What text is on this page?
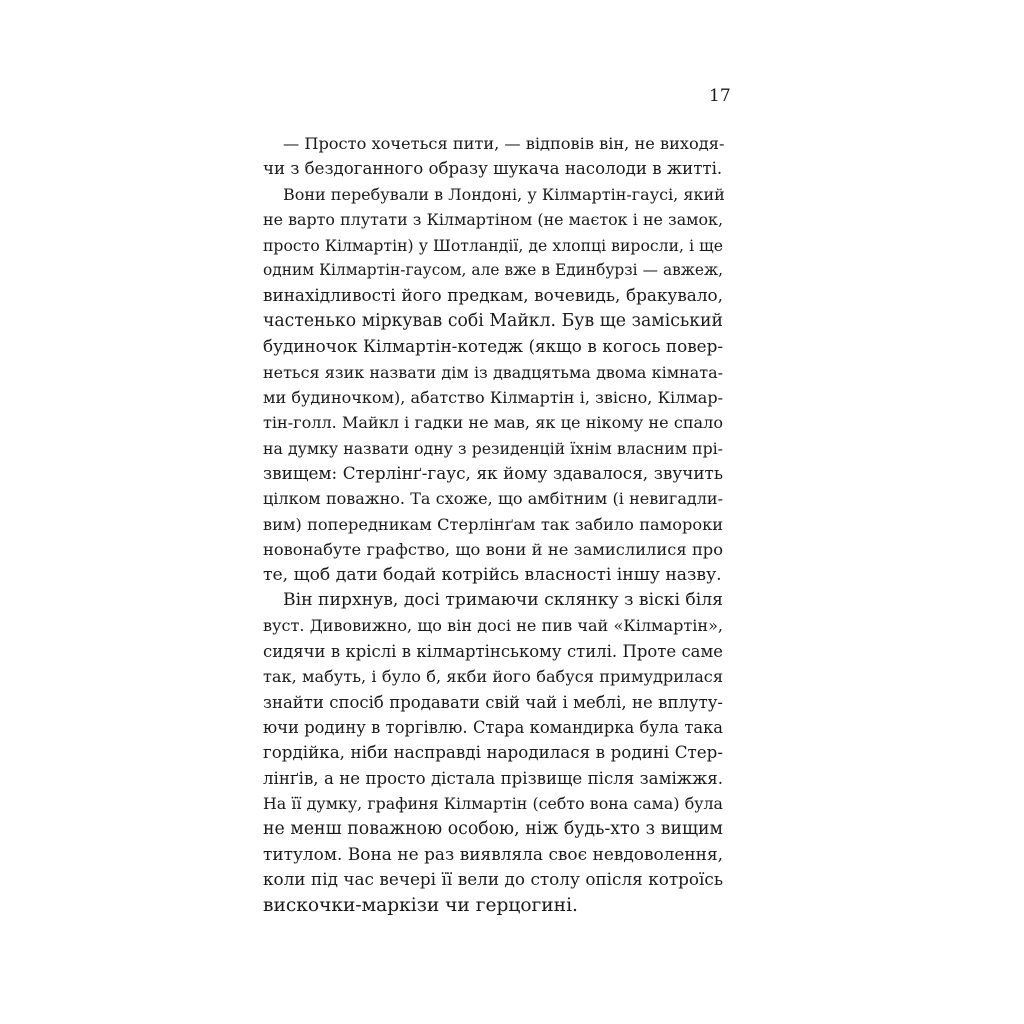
17
— Просто хочеться пити, — відповів він, не виходя-
чи з бездоганного образу шукача насолоди в житті.
Вони перебували в Лондоні, у Кілмартін-гаусі, який
не варто плутати з Кілмартіном (не маєток і не замок,
просто Кілмартін) у Шотландії, де хлопці виросли, і ще
одним Кілмартін-гаусом, але вже в Единбурзі — авжеж,
винахідливості його предкам, вочевидь, бракувало,
частенько міркував собі Майкл. Був ще заміський
будиночок Кілмартін-котедж (якщо в когось повер-
неться язик назвати дім із двадцятьма двома кімната-
ми будиночком), абатство Кілмартін і, звісно, Кілмар-
тін-голл. Майкл і гадки не мав, як це нікому не спало
на думку назвати одну з резиденцій їхнім власним прі-
звищем: Стерлінґ-гаус, як йому здавалося, звучить
цілком поважно. Та схоже, що амбітним (і невигадли-
вим) попередникам Стерлінґам так забило памороки
новонабуте графство, що вони й не замислилися про
те, щоб дати бодай котрійсь власності іншу назву.
Він пирхнув, досі тримаючи склянку з віскі біля
вуст. Дивовижно, що він досі не пив чай «Кілмартін»,
сидячи в кріслі в кілмартінському стилі. Проте саме
так, мабуть, і було б, якби його бабуся примудрилася
знайти спосіб продавати свій чай і меблі, не вплуту-
ючи родину в торгівлю. Стара командирка була така
гордійка, ніби насправді народилася в родині Стер-
лінґів, а не просто дістала прізвище після заміжжя.
На її думку, графиня Кілмартін (себто вона сама) була
не менш поважною особою, ніж будь-хто з вищим
титулом. Вона не раз виявляла своє невдоволення,
коли під час вечері її вели до столу опісля котроїсь
вискочки-маркізи чи герцогині.
